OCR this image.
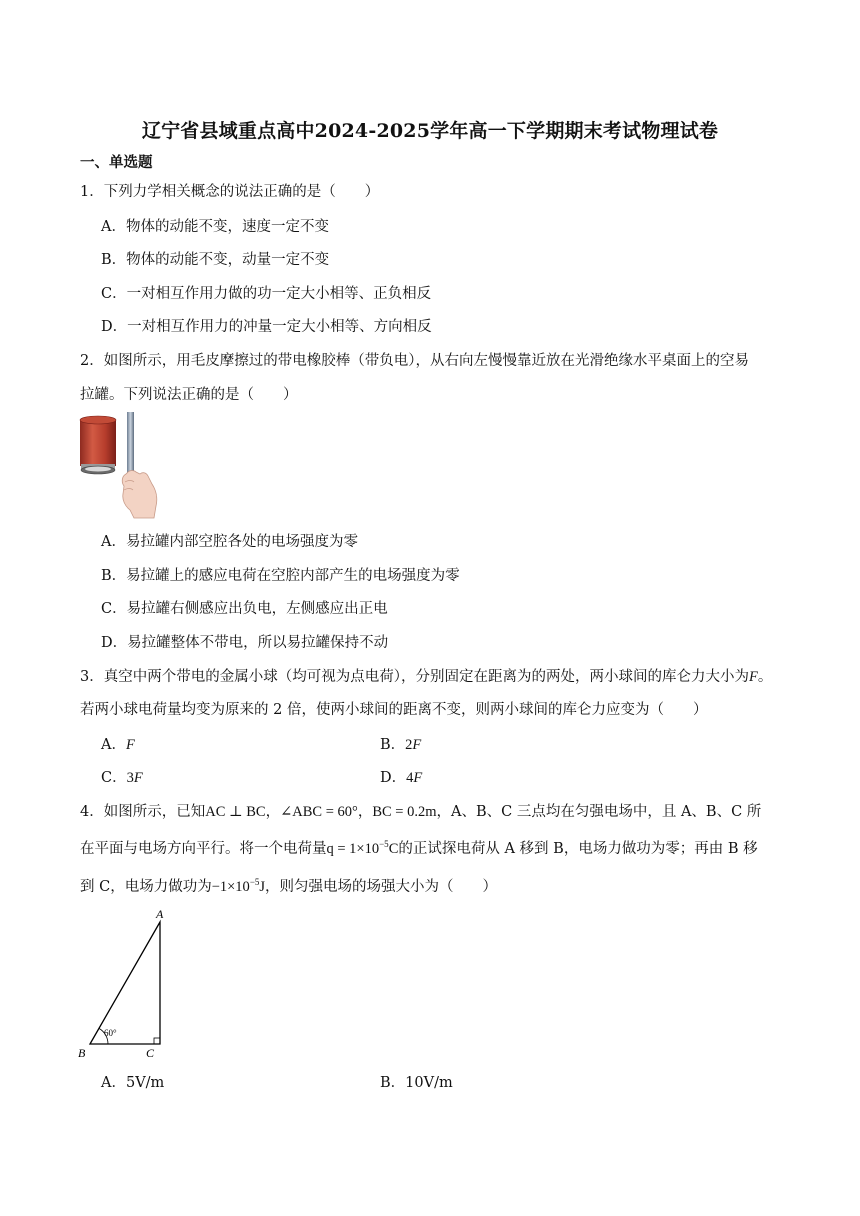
辽宁省县域重点高中2024-2025学年高一下学期期末考试物理试卷
一、单选题
1．下列力学相关概念的说法正确的是（　　）
A．物体的动能不变，速度一定不变
B．物体的动能不变，动量一定不变
C．一对相互作用力做的功一定大小相等、正负相反
D．一对相互作用力的冲量一定大小相等、方向相反
2．如图所示，用毛皮摩擦过的带电橡胶棒（带负电），从右向左慢慢靠近放在光滑绝缘水平桌面上的空易
拉罐。下列说法正确的是（　　）
A．易拉罐内部空腔各处的电场强度为零
B．易拉罐上的感应电荷在空腔内部产生的电场强度为零
C．易拉罐右侧感应出负电，左侧感应出正电
D．易拉罐整体不带电，所以易拉罐保持不动
3．真空中两个带电的金属小球（均可视为点电荷），分别固定在距离为的两处，两小球间的库仑力大小为F。
若两小球电荷量均变为原来的 2 倍，使两小球间的距离不变，则两小球间的库仑力应变为（　　）
A．F	B．2F
C．3F	D．4F
4．如图所示，已知AC ⊥ BC，∠ABC = 60°，BC = 0.2m，A、B、C 三点均在匀强电场中，且 A、B、C 所
在平面与电场方向平行。将一个电荷量$q = 1\times 10^{-5}C$的正试探电荷从 A 移到 B，电场力做功为零；再由 B 移
到 C，电场力做功为$-1\times 10^{-5}J$，则匀强电场的场强大小为（　　）
A
B	C
60°
A．5V/m	B．10V/m
